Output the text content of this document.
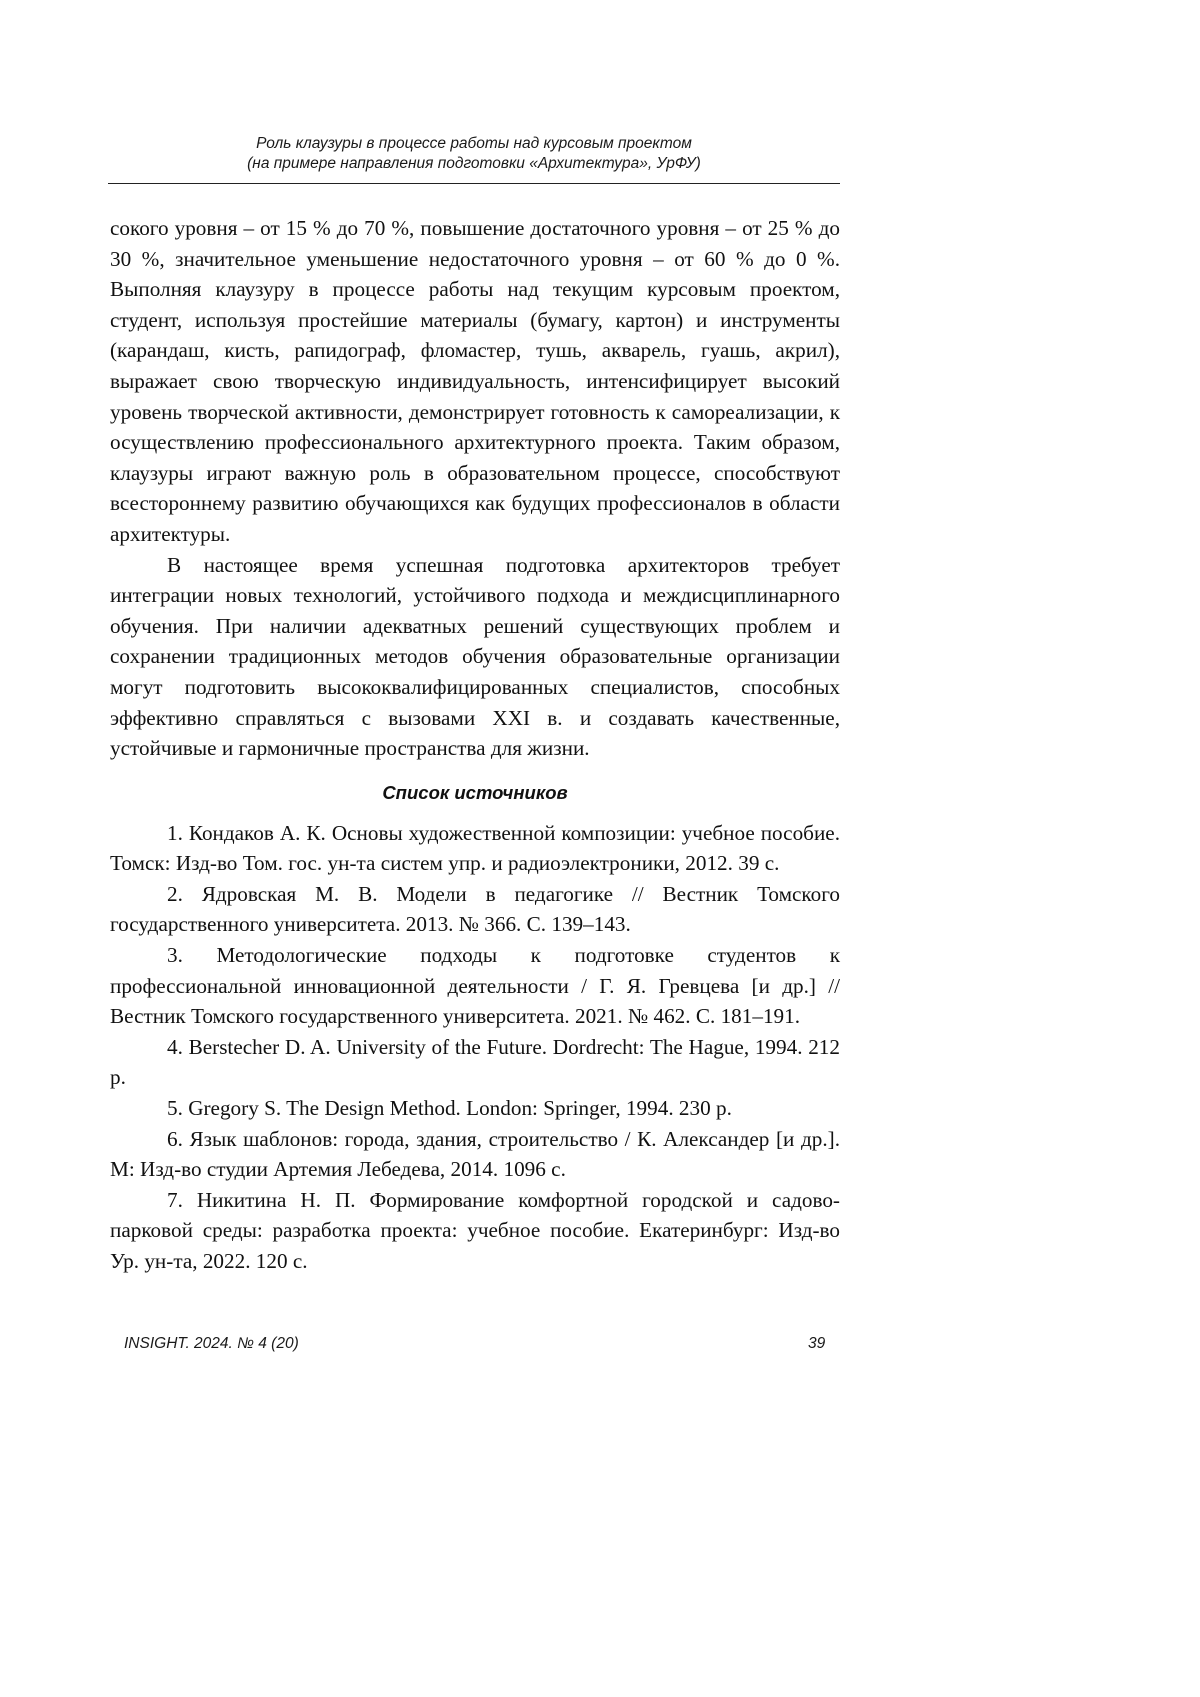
Роль клаузуры в процессе работы над курсовым проектом
(на примере направления подготовки «Архитектура», УрФУ)

сокого уровня – от 15 % до 70 %, повышение достаточного уровня – от 25 % до 30 %, значительное уменьшение недостаточного уровня – от 60 % до 0 %. Выполняя клаузуру в процессе работы над текущим курсовым проектом, студент, используя простейшие материалы (бумагу, картон) и инструменты (карандаш, кисть, рапидограф, фломастер, тушь, акварель, гуашь, акрил), выражает свою творческую индивидуальность, интенсифицирует высокий уровень творческой активности, демонстрирует готовность к самореализации, к осуществлению профессионального архитектурного проекта. Таким образом, клаузуры играют важную роль в образовательном процессе, способствуют всестороннему развитию обучающихся как будущих профессионалов в области архитектуры.

В настоящее время успешная подготовка архитекторов требует интеграции новых технологий, устойчивого подхода и междисциплинарного обучения. При наличии адекватных решений существующих проблем и сохранении традиционных методов обучения образовательные организации могут подготовить высококвалифицированных специалистов, способных эффективно справляться с вызовами XXI в. и создавать качественные, устойчивые и гармоничные пространства для жизни.

Список источников

1. Кондаков А. К. Основы художественной композиции: учебное пособие. Томск: Изд-во Том. гос. ун-та систем упр. и радиоэлектроники, 2012. 39 с.

2. Ядровская М. В. Модели в педагогике // Вестник Томского государственного университета. 2013. № 366. С. 139–143.

3. Методологические подходы к подготовке студентов к профессиональной инновационной деятельности / Г. Я. Гревцева [и др.] // Вестник Томского государственного университета. 2021. № 462. С. 181–191.

4. Berstecher D. A. University of the Future. Dordrecht: The Hague, 1994. 212 p.

5. Gregory S. The Design Method. London: Springer, 1994. 230 p.

6. Язык шаблонов: города, здания, строительство / К. Александер [и др.]. М: Изд-во студии Артемия Лебедева, 2014. 1096 с.

7. Никитина Н. П. Формирование комфортной городской и садово-парковой среды: разработка проекта: учебное пособие. Екатеринбург: Изд-во Ур. ун-та, 2022. 120 с.

INSIGHT. 2024. № 4 (20)	39
